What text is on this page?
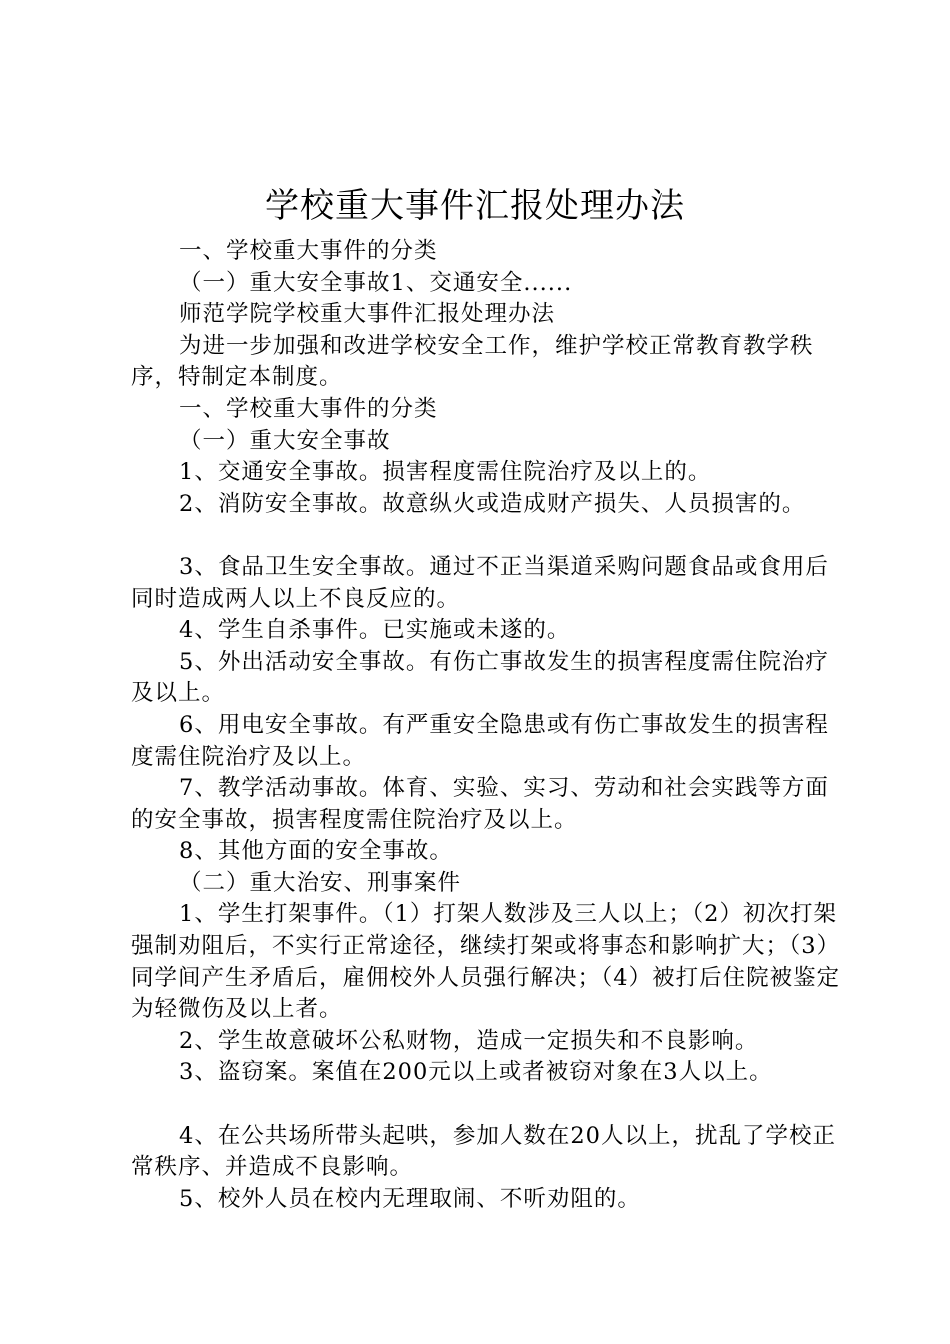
学校重大事件汇报处理办法

一、学校重大事件的分类

（一）重大安全事故1、交通安全......

师范学院学校重大事件汇报处理办法

为进一步加强和改进学校安全工作，维护学校正常教育教学秩序，特制定本制度。

一、学校重大事件的分类

（一）重大安全事故

1、交通安全事故。损害程度需住院治疗及以上的。

2、消防安全事故。故意纵火或造成财产损失、人员损害的。

3、食品卫生安全事故。通过不正当渠道采购问题食品或食用后同时造成两人以上不良反应的。

4、学生自杀事件。已实施或未遂的。

5、外出活动安全事故。有伤亡事故发生的损害程度需住院治疗及以上。

6、用电安全事故。有严重安全隐患或有伤亡事故发生的损害程度需住院治疗及以上。

7、教学活动事故。体育、实验、实习、劳动和社会实践等方面的安全事故，损害程度需住院治疗及以上。

8、其他方面的安全事故。

（二）重大治安、刑事案件

1、学生打架事件。（1）打架人数涉及三人以上；（2）初次打架强制劝阻后，不实行正常途径，继续打架或将事态和影响扩大；（3）同学间产生矛盾后，雇佣校外人员强行解决；（4）被打后住院被鉴定为轻微伤及以上者。

2、学生故意破坏公私财物，造成一定损失和不良影响。

3、盗窃案。案值在200元以上或者被窃对象在3人以上。

4、在公共场所带头起哄，参加人数在20人以上，扰乱了学校正常秩序、并造成不良影响。

5、校外人员在校内无理取闹、不听劝阻的。
